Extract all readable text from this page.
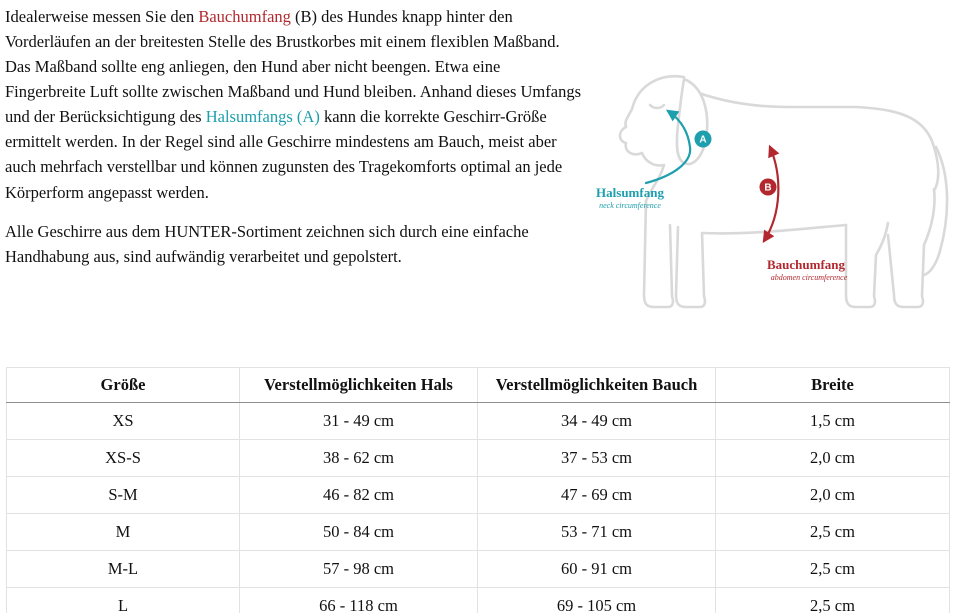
Idealerweise messen Sie den Bauchumfang (B) des Hundes knapp hinter den Vorderläufen an der breitesten Stelle des Brustkorbes mit einem flexiblen Maßband. Das Maßband sollte eng anliegen, den Hund aber nicht beengen. Etwa eine Fingerbreite Luft sollte zwischen Maßband und Hund bleiben. Anhand dieses Umfangs und der Berücksichtigung des Halsumfangs (A) kann die korrekte Geschirr-Größe ermittelt werden. In der Regel sind alle Geschirre mindestens am Bauch, meist aber auch mehrfach verstellbar und können zugunsten des Tragekomforts optimal an jede Körperform angepasst werden.

Alle Geschirre aus dem HUNTER-Sortiment zeichnen sich durch eine einfache Handhabung aus, sind aufwändig verarbeitet und gepolstert.

A
Halsumfang
neck circumference
B
Bauchumfang
abdomen circumference
Größe	Verstellmöglichkeiten Hals	Verstellmöglichkeiten Bauch	Breite
XS	31 - 49 cm	34 - 49 cm	1,5 cm
XS-S	38 - 62 cm	37 - 53 cm	2,0 cm
S-M	46 - 82 cm	47 - 69 cm	2,0 cm
M	50 - 84 cm	53 - 71 cm	2,5 cm
M-L	57 - 98 cm	60 - 91 cm	2,5 cm
L	66 - 118 cm	69 - 105 cm	2,5 cm
